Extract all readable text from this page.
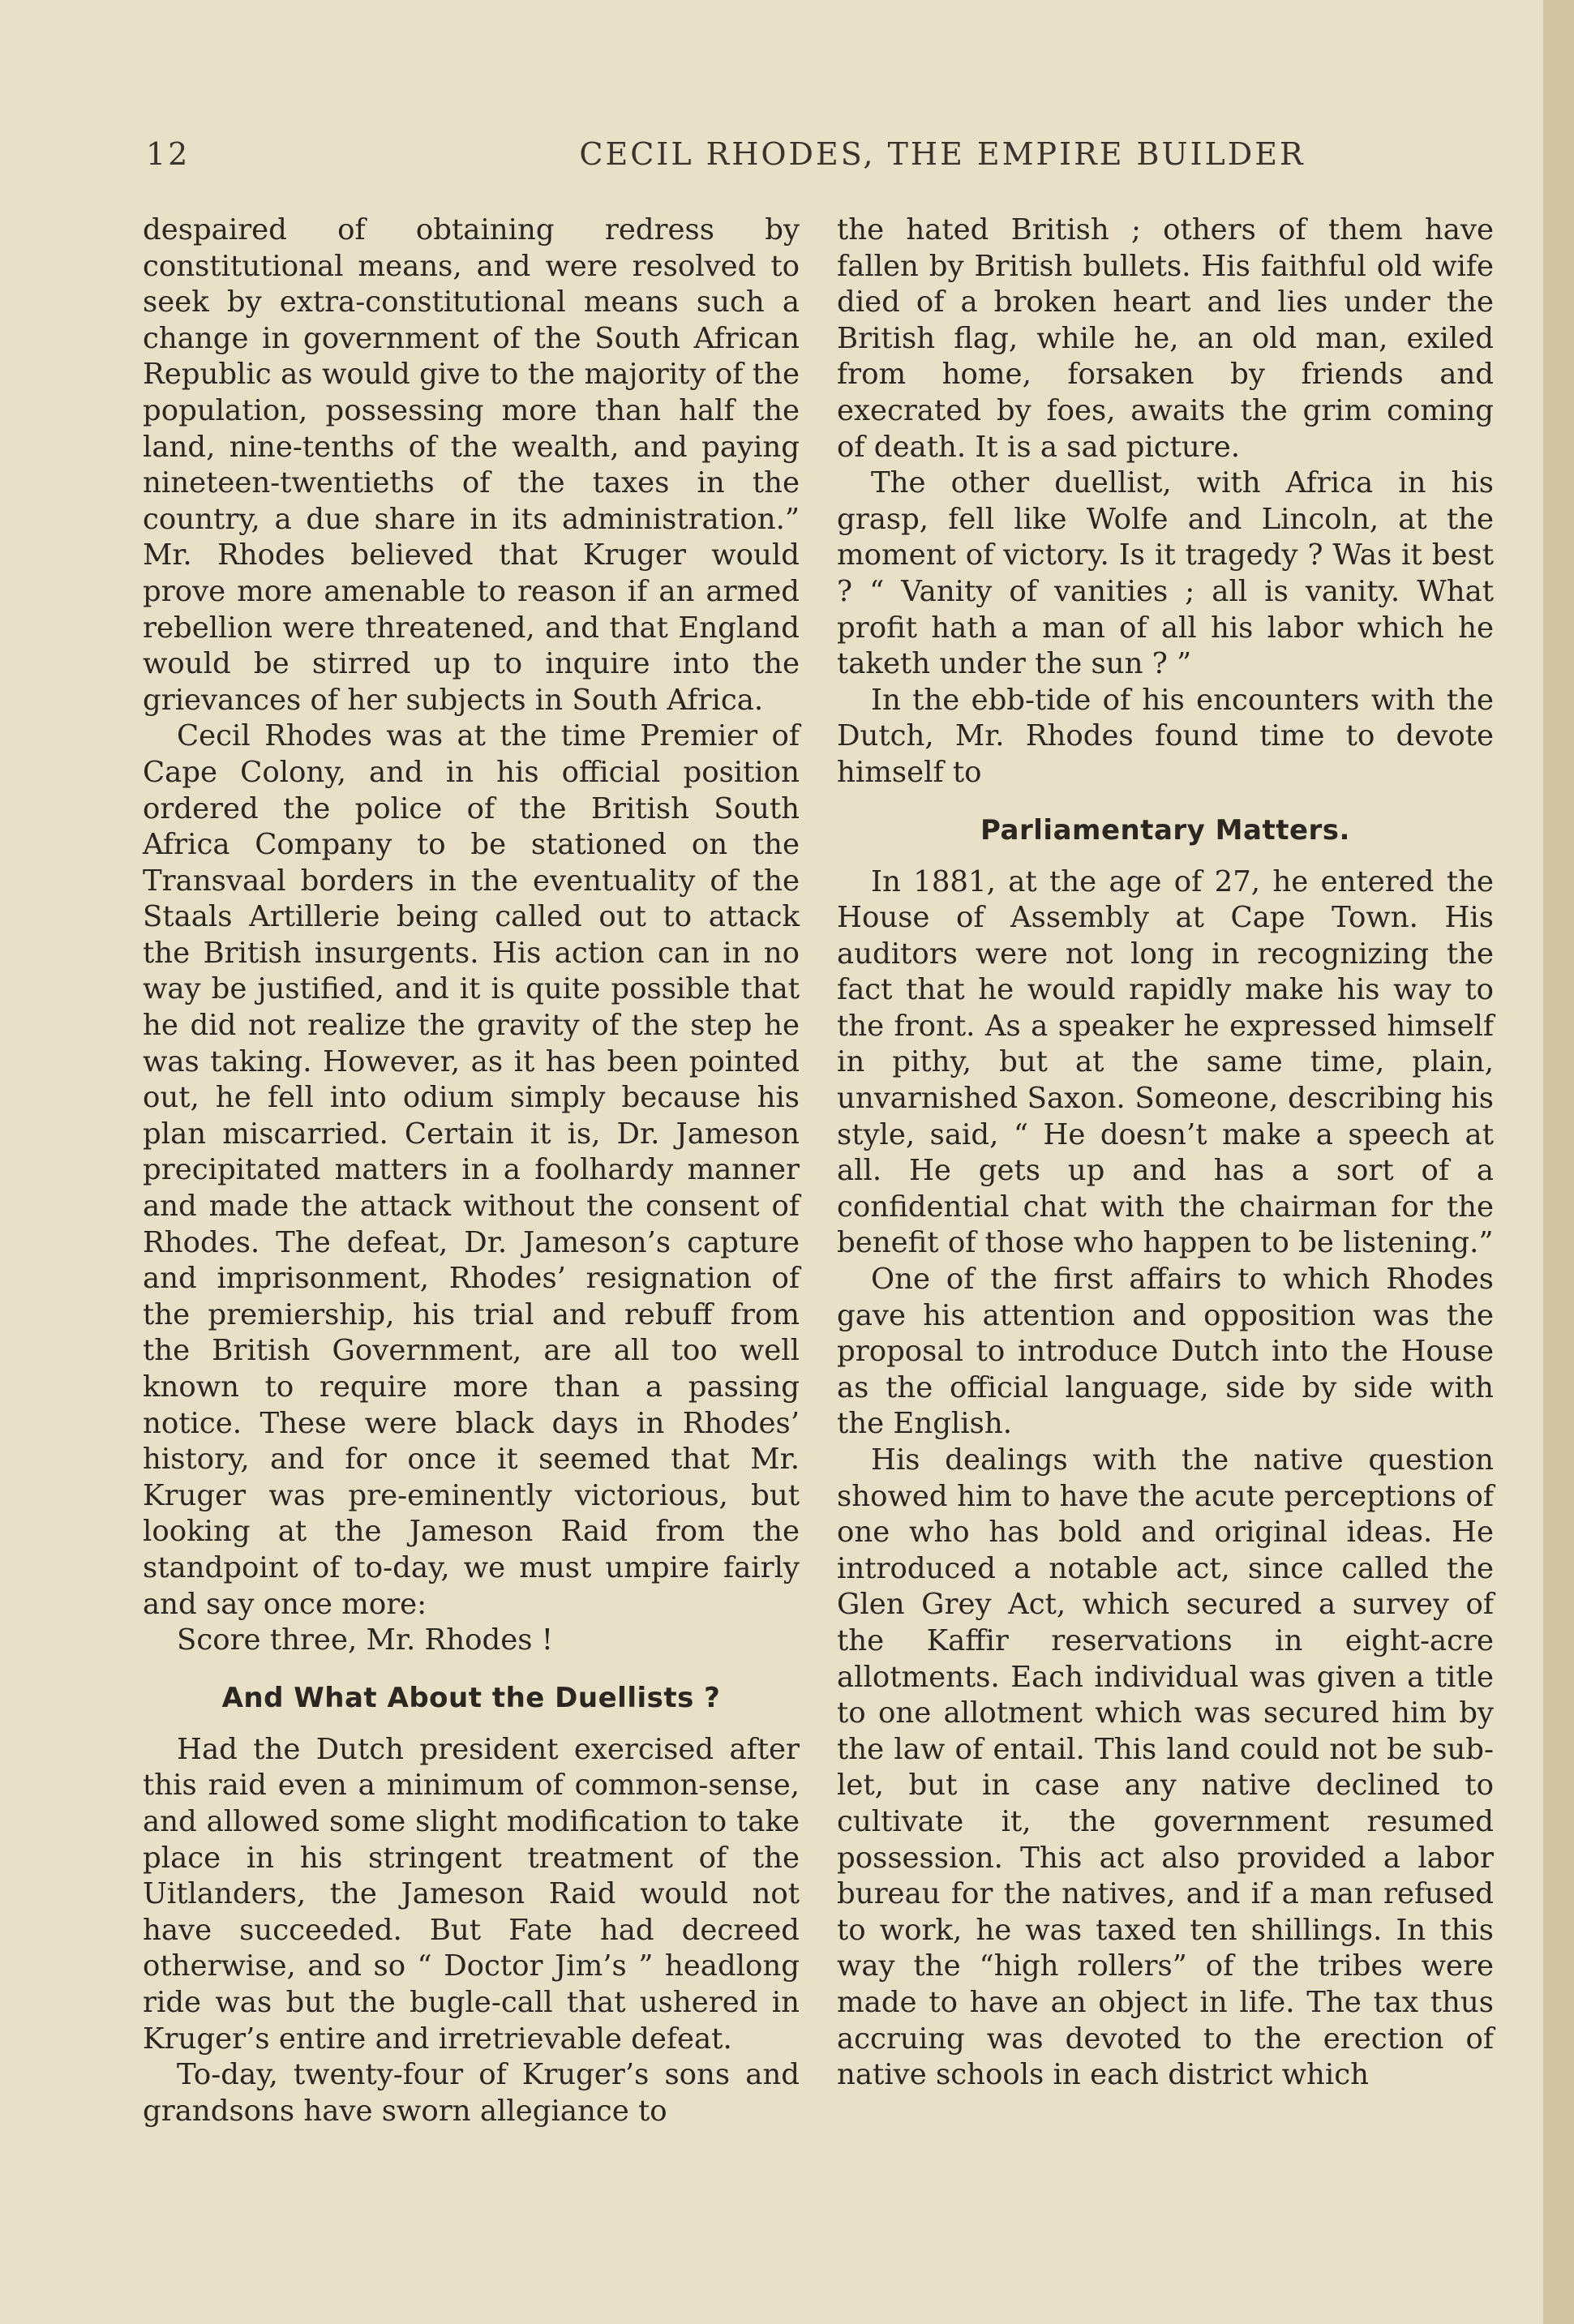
12	CECIL RHODES, THE EMPIRE BUILDER

despaired of obtaining redress by constitutional means, and were resolved to seek by extra-constitutional means such a change in government of the South African Republic as would give to the majority of the population, possessing more than half the land, nine-tenths of the wealth, and paying nineteen-twentieths of the taxes in the country, a due share in its administration.” Mr. Rhodes believed that Kruger would prove more amenable to reason if an armed rebellion were threatened, and that England would be stirred up to inquire into the grievances of her subjects in South Africa.

Cecil Rhodes was at the time Premier of Cape Colony, and in his official position ordered the police of the British South Africa Company to be stationed on the Transvaal borders in the eventuality of the Staals Artillerie being called out to attack the British insurgents. His action can in no way be justified, and it is quite possible that he did not realize the gravity of the step he was taking. However, as it has been pointed out, he fell into odium simply because his plan miscarried. Certain it is, Dr. Jameson precipitated matters in a foolhardy manner and made the attack without the consent of Rhodes. The defeat, Dr. Jameson’s capture and imprisonment, Rhodes’ resignation of the premiership, his trial and rebuff from the British Government, are all too well known to require more than a passing notice. These were black days in Rhodes’ history, and for once it seemed that Mr. Kruger was pre-eminently victorious, but looking at the Jameson Raid from the standpoint of to-day, we must umpire fairly and say once more:

Score three, Mr. Rhodes !

And What About the Duellists ?

Had the Dutch president exercised after this raid even a minimum of common-sense, and allowed some slight modification to take place in his stringent treatment of the Uitlanders, the Jameson Raid would not have succeeded. But Fate had decreed otherwise, and so “ Doctor Jim’s ” headlong ride was but the bugle-call that ushered in Kruger’s entire and irretrievable defeat.

To-day, twenty-four of Kruger’s sons and grandsons have sworn allegiance to

the hated British ; others of them have fallen by British bullets. His faithful old wife died of a broken heart and lies under the British flag, while he, an old man, exiled from home, forsaken by friends and execrated by foes, awaits the grim coming of death. It is a sad picture.

The other duellist, with Africa in his grasp, fell like Wolfe and Lincoln, at the moment of victory. Is it tragedy ? Was it best ? “ Vanity of vanities ; all is vanity. What profit hath a man of all his labor which he taketh under the sun ? ”

In the ebb-tide of his encounters with the Dutch, Mr. Rhodes found time to devote himself to

Parliamentary Matters.

In 1881, at the age of 27, he entered the House of Assembly at Cape Town. His auditors were not long in recognizing the fact that he would rapidly make his way to the front. As a speaker he expressed himself in pithy, but at the same time, plain, unvarnished Saxon. Someone, describing his style, said, “ He doesn’t make a speech at all. He gets up and has a sort of a confidential chat with the chairman for the benefit of those who happen to be listening.”

One of the first affairs to which Rhodes gave his attention and opposition was the proposal to introduce Dutch into the House as the official language, side by side with the English.

His dealings with the native question showed him to have the acute perceptions of one who has bold and original ideas. He introduced a notable act, since called the Glen Grey Act, which secured a survey of the Kaffir reservations in eight-acre allotments. Each individual was given a title to one allotment which was secured him by the law of entail. This land could not be sub-let, but in case any native declined to cultivate it, the government resumed possession. This act also provided a labor bureau for the natives, and if a man refused to work, he was taxed ten shillings. In this way the “high rollers” of the tribes were made to have an object in life. The tax thus accruing was devoted to the erection of native schools in each district which
